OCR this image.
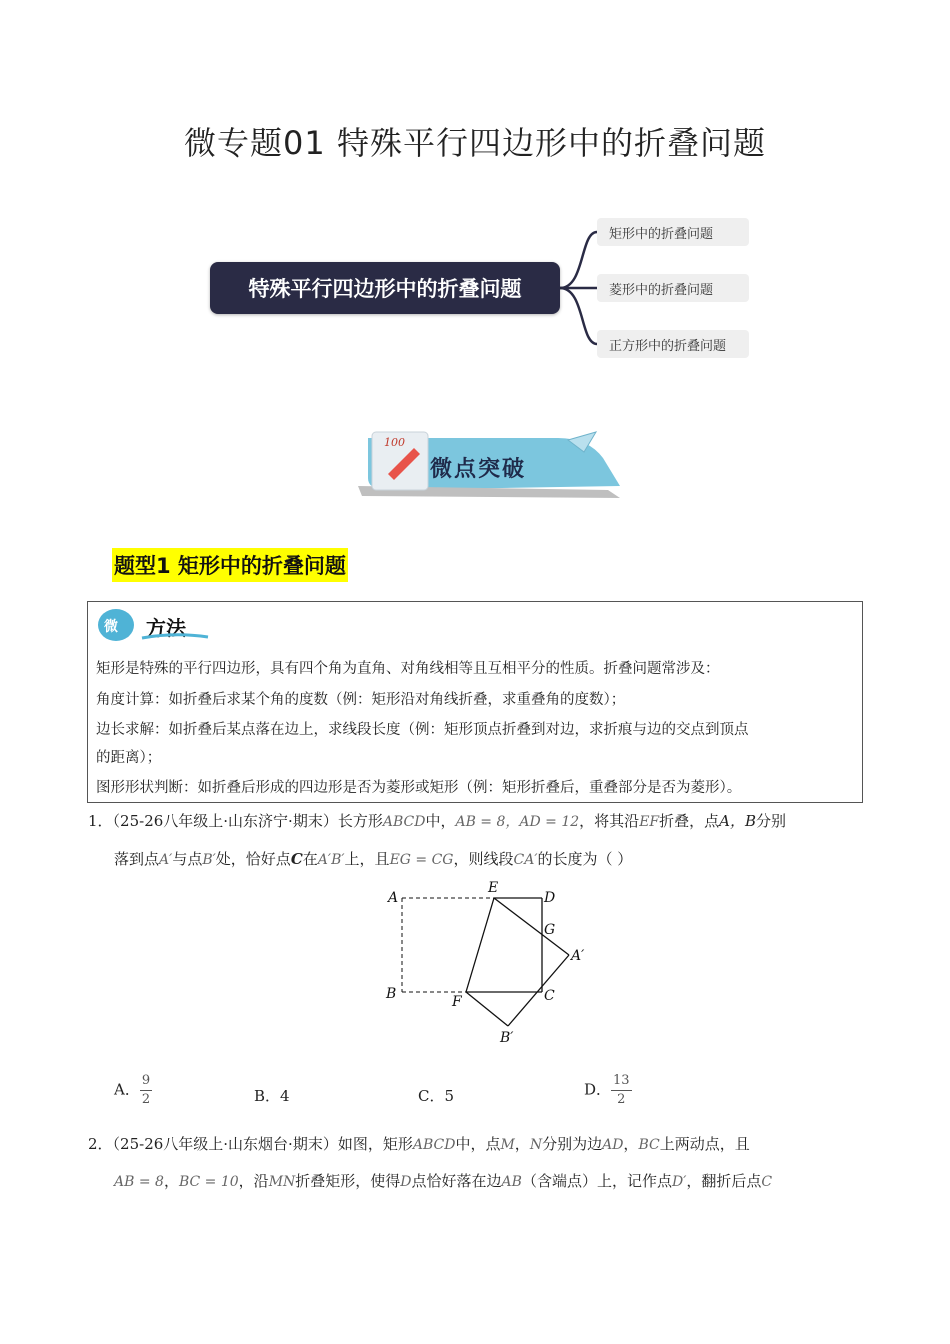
微专题01 特殊平行四边形中的折叠问题
特殊平行四边形中的折叠问题
矩形中的折叠问题
菱形中的折叠问题
正方形中的折叠问题
100
微点突破
题型1 矩形中的折叠问题
微 方法
矩形是特殊的平行四边形，具有四个角为直角、对角线相等且互相平分的性质。折叠问题常涉及：
角度计算：如折叠后求某个角的度数（例：矩形沿对角线折叠，求重叠角的度数）；
边长求解：如折叠后某点落在边上，求线段长度（例：矩形顶点折叠到对边，求折痕与边的交点到顶点
的距离）；
图形形状判断：如折叠后形成的四边形是否为菱形或矩形（例：矩形折叠后，重叠部分是否为菱形）。
1．（25-26八年级上·山东济宁·期末）长方形ABCD中，AB = 8，AD = 12，将其沿EF折叠，点A，B分别
落到点A′与点B′处，恰好点C在A′B′上，且EG = CG，则线段CA′的长度为（ ）
A
E
D
G
A′
B	F	C
B′
A． $\frac{9}{2}$	B．4	C．5	D． $\frac{13}{2}$
2．（25-26八年级上·山东烟台·期末）如图，矩形ABCD中，点M，N分别为边AD，BC上两动点，且
AB = 8，BC = 10，沿MN折叠矩形，使得D点恰好落在边AB（含端点）上，记作点D′，翻折后点C
